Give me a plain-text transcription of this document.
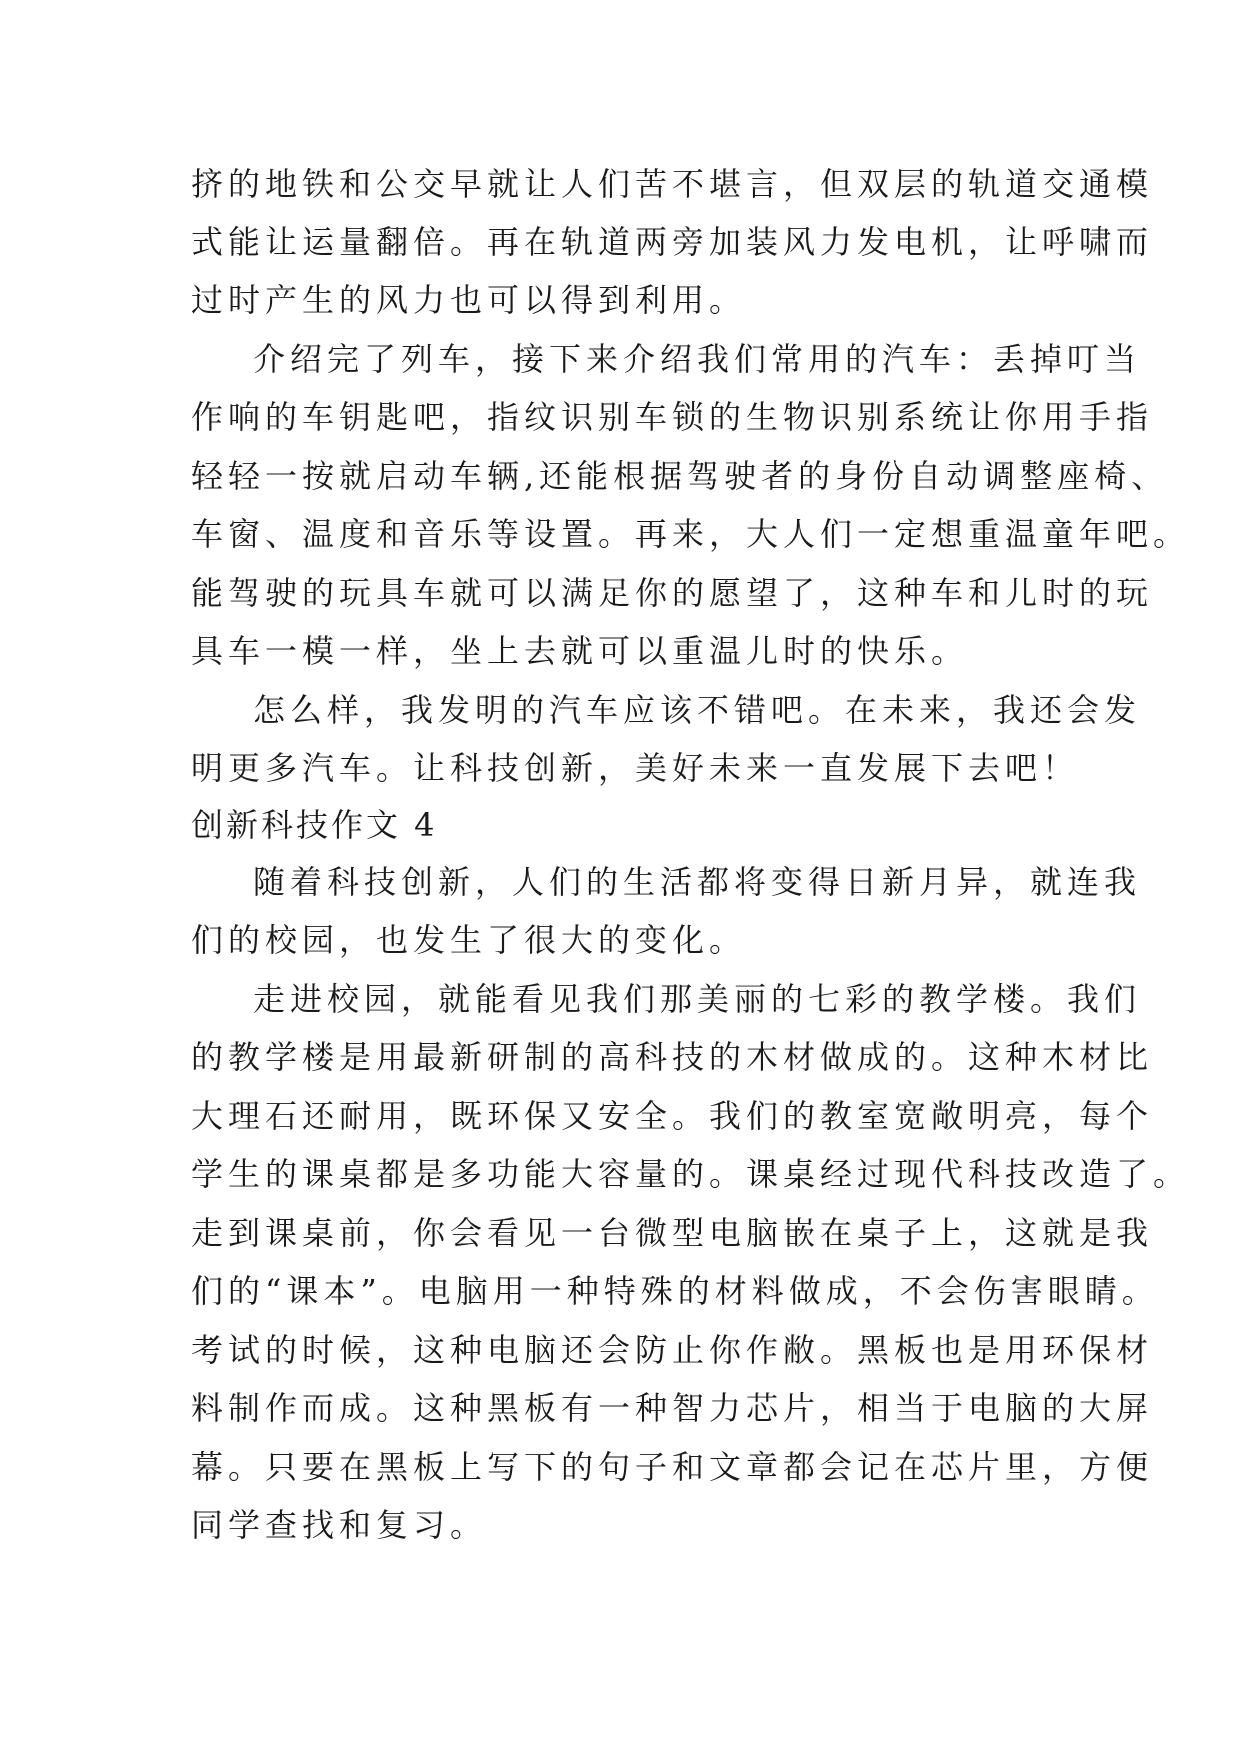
挤的地铁和公交早就让人们苦不堪言，但双层的轨道交通模

式能让运量翻倍。再在轨道两旁加装风力发电机，让呼啸而

过时产生的风力也可以得到利用。

介绍完了列车，接下来介绍我们常用的汽车：丢掉叮当

作响的车钥匙吧，指纹识别车锁的生物识别系统让你用手指

轻轻一按就启动车辆,还能根据驾驶者的身份自动调整座椅、

车窗、温度和音乐等设置。再来，大人们一定想重温童年吧。

能驾驶的玩具车就可以满足你的愿望了，这种车和儿时的玩

具车一模一样，坐上去就可以重温儿时的快乐。

怎么样，我发明的汽车应该不错吧。在未来，我还会发

明更多汽车。让科技创新，美好未来一直发展下去吧！

创新科技作文 4

随着科技创新，人们的生活都将变得日新月异，就连我

们的校园，也发生了很大的变化。

走进校园，就能看见我们那美丽的七彩的教学楼。我们

的教学楼是用最新研制的高科技的木材做成的。这种木材比

大理石还耐用，既环保又安全。我们的教室宽敞明亮，每个

学生的课桌都是多功能大容量的。课桌经过现代科技改造了。

走到课桌前，你会看见一台微型电脑嵌在桌子上，这就是我

们的“课本”。电脑用一种特殊的材料做成，不会伤害眼睛。

考试的时候，这种电脑还会防止你作敝。黑板也是用环保材

料制作而成。这种黑板有一种智力芯片，相当于电脑的大屏

幕。只要在黑板上写下的句子和文章都会记在芯片里，方便

同学查找和复习。
